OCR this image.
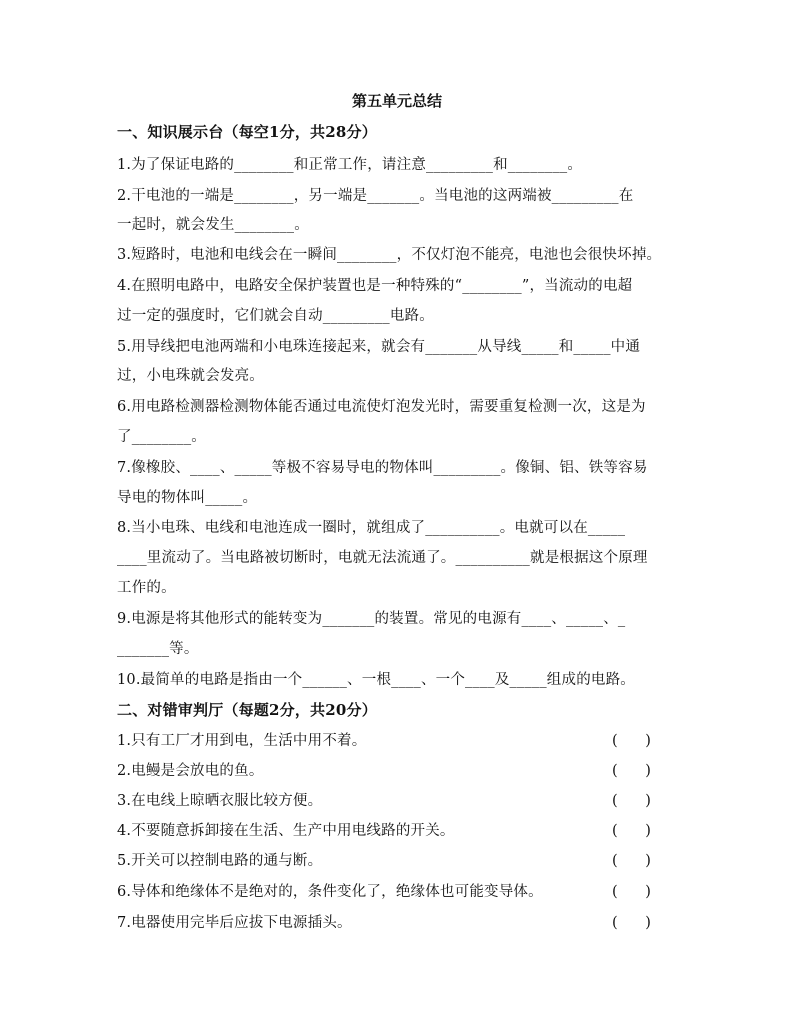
第五单元总结
一、知识展示台（每空1分，共28分）
1.为了保证电路的________和正常工作，请注意_________和________。
2.干电池的一端是________，另一端是_______。当电池的这两端被_________在
一起时，就会发生________。
3.短路时，电池和电线会在一瞬间________，不仅灯泡不能亮，电池也会很快坏掉。
4.在照明电路中，电路安全保护装置也是一种特殊的“________”，当流动的电超
过一定的强度时，它们就会自动_________电路。
5.用导线把电池两端和小电珠连接起来，就会有_______从导线_____和_____中通
过，小电珠就会发亮。
6.用电路检测器检测物体能否通过电流使灯泡发光时，需要重复检测一次，这是为
了________。
7.像橡胶、____、_____等极不容易导电的物体叫_________。像铜、铝、铁等容易
导电的物体叫_____。
8.当小电珠、电线和电池连成一圈时，就组成了__________。电就可以在_____
____里流动了。当电路被切断时，电就无法流通了。__________就是根据这个原理
工作的。
9.电源是将其他形式的能转变为_______的装置。常见的电源有____、_____、_
_______等。
10.最简单的电路是指由一个______、一根____、一个____及_____组成的电路。
二、对错审判厅（每题2分，共20分）
1.只有工厂才用到电，生活中用不着。	(      )
2.电鳗是会放电的鱼。	(      )
3.在电线上晾晒衣服比较方便。	(      )
4.不要随意拆卸接在生活、生产中用电线路的开关。	(      )
5.开关可以控制电路的通与断。	(      )
6.导体和绝缘体不是绝对的，条件变化了，绝缘体也可能变导体。	(      )
7.电器使用完毕后应拔下电源插头。	(      )
